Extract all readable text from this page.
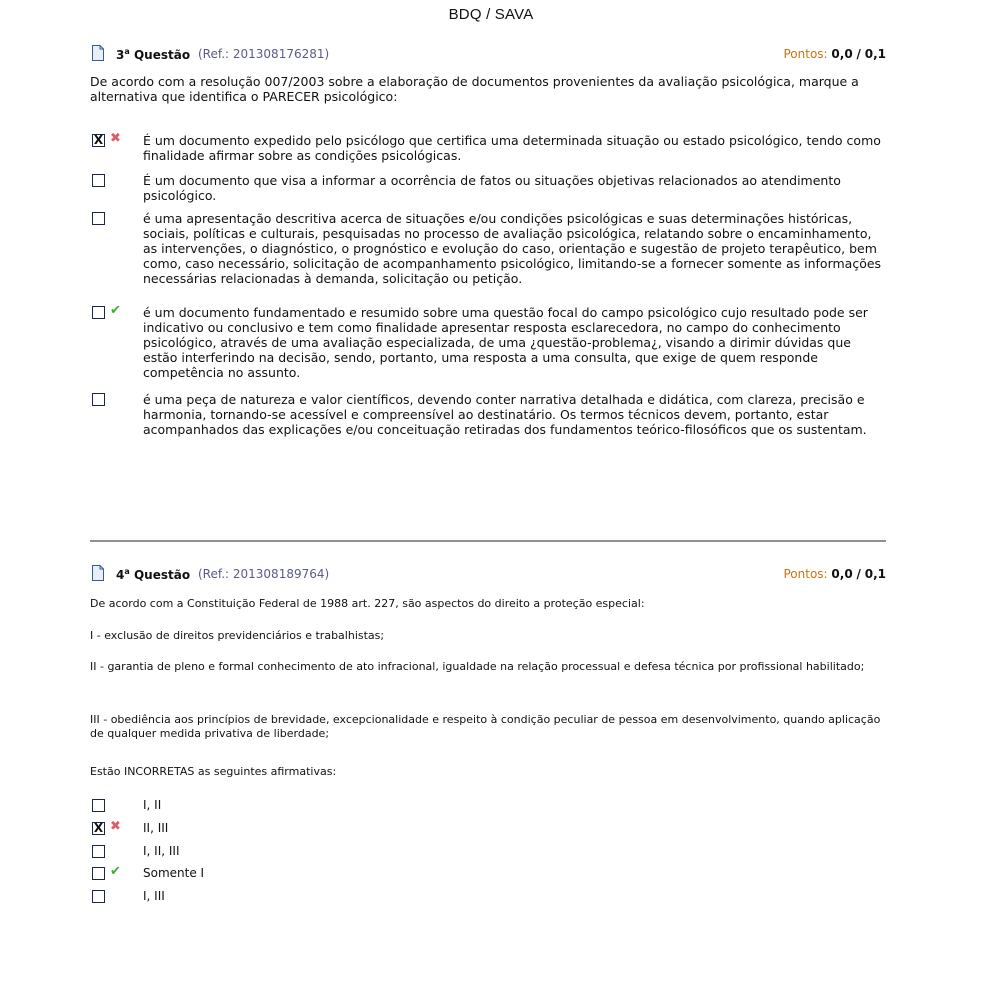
BDQ / SAVA
3$^a$ Questão (Ref.: 201308176281)	Pontos: 0,0 / 0,1
De acordo com a resolução 007/2003 sobre a elaboração de documentos provenientes da avaliação psicológica, marque a alternativa que identifica o PARECER psicológico:
X ✖ É um documento expedido pelo psicólogo que certifica uma determinada situação ou estado psicológico, tendo como finalidade afirmar sobre as condições psicológicas.
É um documento que visa a informar a ocorrência de fatos ou situações objetivas relacionados ao atendimento psicológico.
é uma apresentação descritiva acerca de situações e/ou condições psicológicas e suas determinações históricas, sociais, políticas e culturais, pesquisadas no processo de avaliação psicológica, relatando sobre o encaminhamento, as intervenções, o diagnóstico, o prognóstico e evolução do caso, orientação e sugestão de projeto terapêutico, bem como, caso necessário, solicitação de acompanhamento psicológico, limitando-se a fornecer somente as informações necessárias relacionadas à demanda, solicitação ou petição.
✔ é um documento fundamentado e resumido sobre uma questão focal do campo psicológico cujo resultado pode ser indicativo ou conclusivo e tem como finalidade apresentar resposta esclarecedora, no campo do conhecimento psicológico, através de uma avaliação especializada, de uma ¿questão-problema¿, visando a dirimir dúvidas que estão interferindo na decisão, sendo, portanto, uma resposta a uma consulta, que exige de quem responde competência no assunto.
é uma peça de natureza e valor científicos, devendo conter narrativa detalhada e didática, com clareza, precisão e harmonia, tornando-se acessível e compreensível ao destinatário. Os termos técnicos devem, portanto, estar acompanhados das explicações e/ou conceituação retiradas dos fundamentos teórico-filosóficos que os sustentam.
4$^a$ Questão (Ref.: 201308189764)	Pontos: 0,0 / 0,1
De acordo com a Constituição Federal de 1988 art. 227, são aspectos do direito a proteção especial:
I - exclusão de direitos previdenciários e trabalhistas;
II - garantia de pleno e formal conhecimento de ato infracional, igualdade na relação processual e defesa técnica por profissional habilitado;
III - obediência aos princípios de brevidade, excepcionalidade e respeito à condição peculiar de pessoa em desenvolvimento, quando aplicação de qualquer medida privativa de liberdade;
Estão INCORRETAS as seguintes afirmativas:
I, II
X ✖ II, III
I, II, III
✔ Somente I
I, III
